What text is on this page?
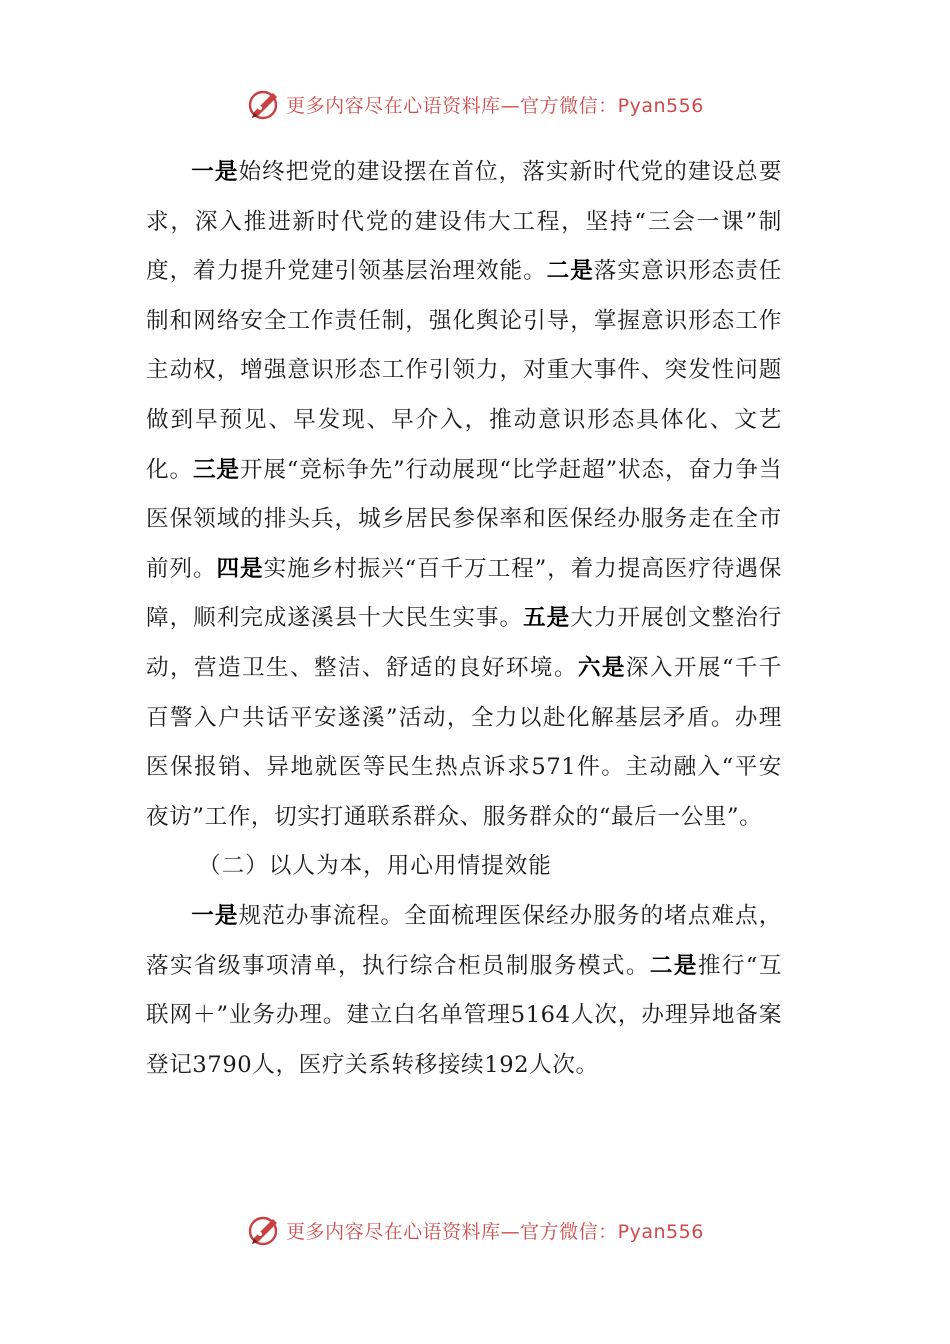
更多内容尽在心语资料库—官方微信：Pyan556

一是始终把党的建设摆在首位，落实新时代党的建设总要求，深入推进新时代党的建设伟大工程，坚持“三会一课”制度，着力提升党建引领基层治理效能。二是落实意识形态责任制和网络安全工作责任制，强化舆论引导，掌握意识形态工作主动权，增强意识形态工作引领力，对重大事件、突发性问题做到早预见、早发现、早介入，推动意识形态具体化、文艺化。三是开展“竞标争先”行动展现“比学赶超”状态，奋力争当医保领域的排头兵，城乡居民参保率和医保经办服务走在全市前列。四是实施乡村振兴“百千万工程”，着力提高医疗待遇保障，顺利完成遂溪县十大民生实事。五是大力开展创文整治行动，营造卫生、整洁、舒适的良好环境。六是深入开展“千千百警入户共话平安遂溪”活动，全力以赴化解基层矛盾。办理医保报销、异地就医等民生热点诉求571件。主动融入“平安夜访”工作，切实打通联系群众、服务群众的“最后一公里”。

（二）以人为本，用心用情提效能

一是规范办事流程。全面梳理医保经办服务的堵点难点，落实省级事项清单，执行综合柜员制服务模式。二是推行“互联网＋”业务办理。建立白名单管理5164人次，办理异地备案登记3790人，医疗关系转移接续192人次。

更多内容尽在心语资料库—官方微信：Pyan556
